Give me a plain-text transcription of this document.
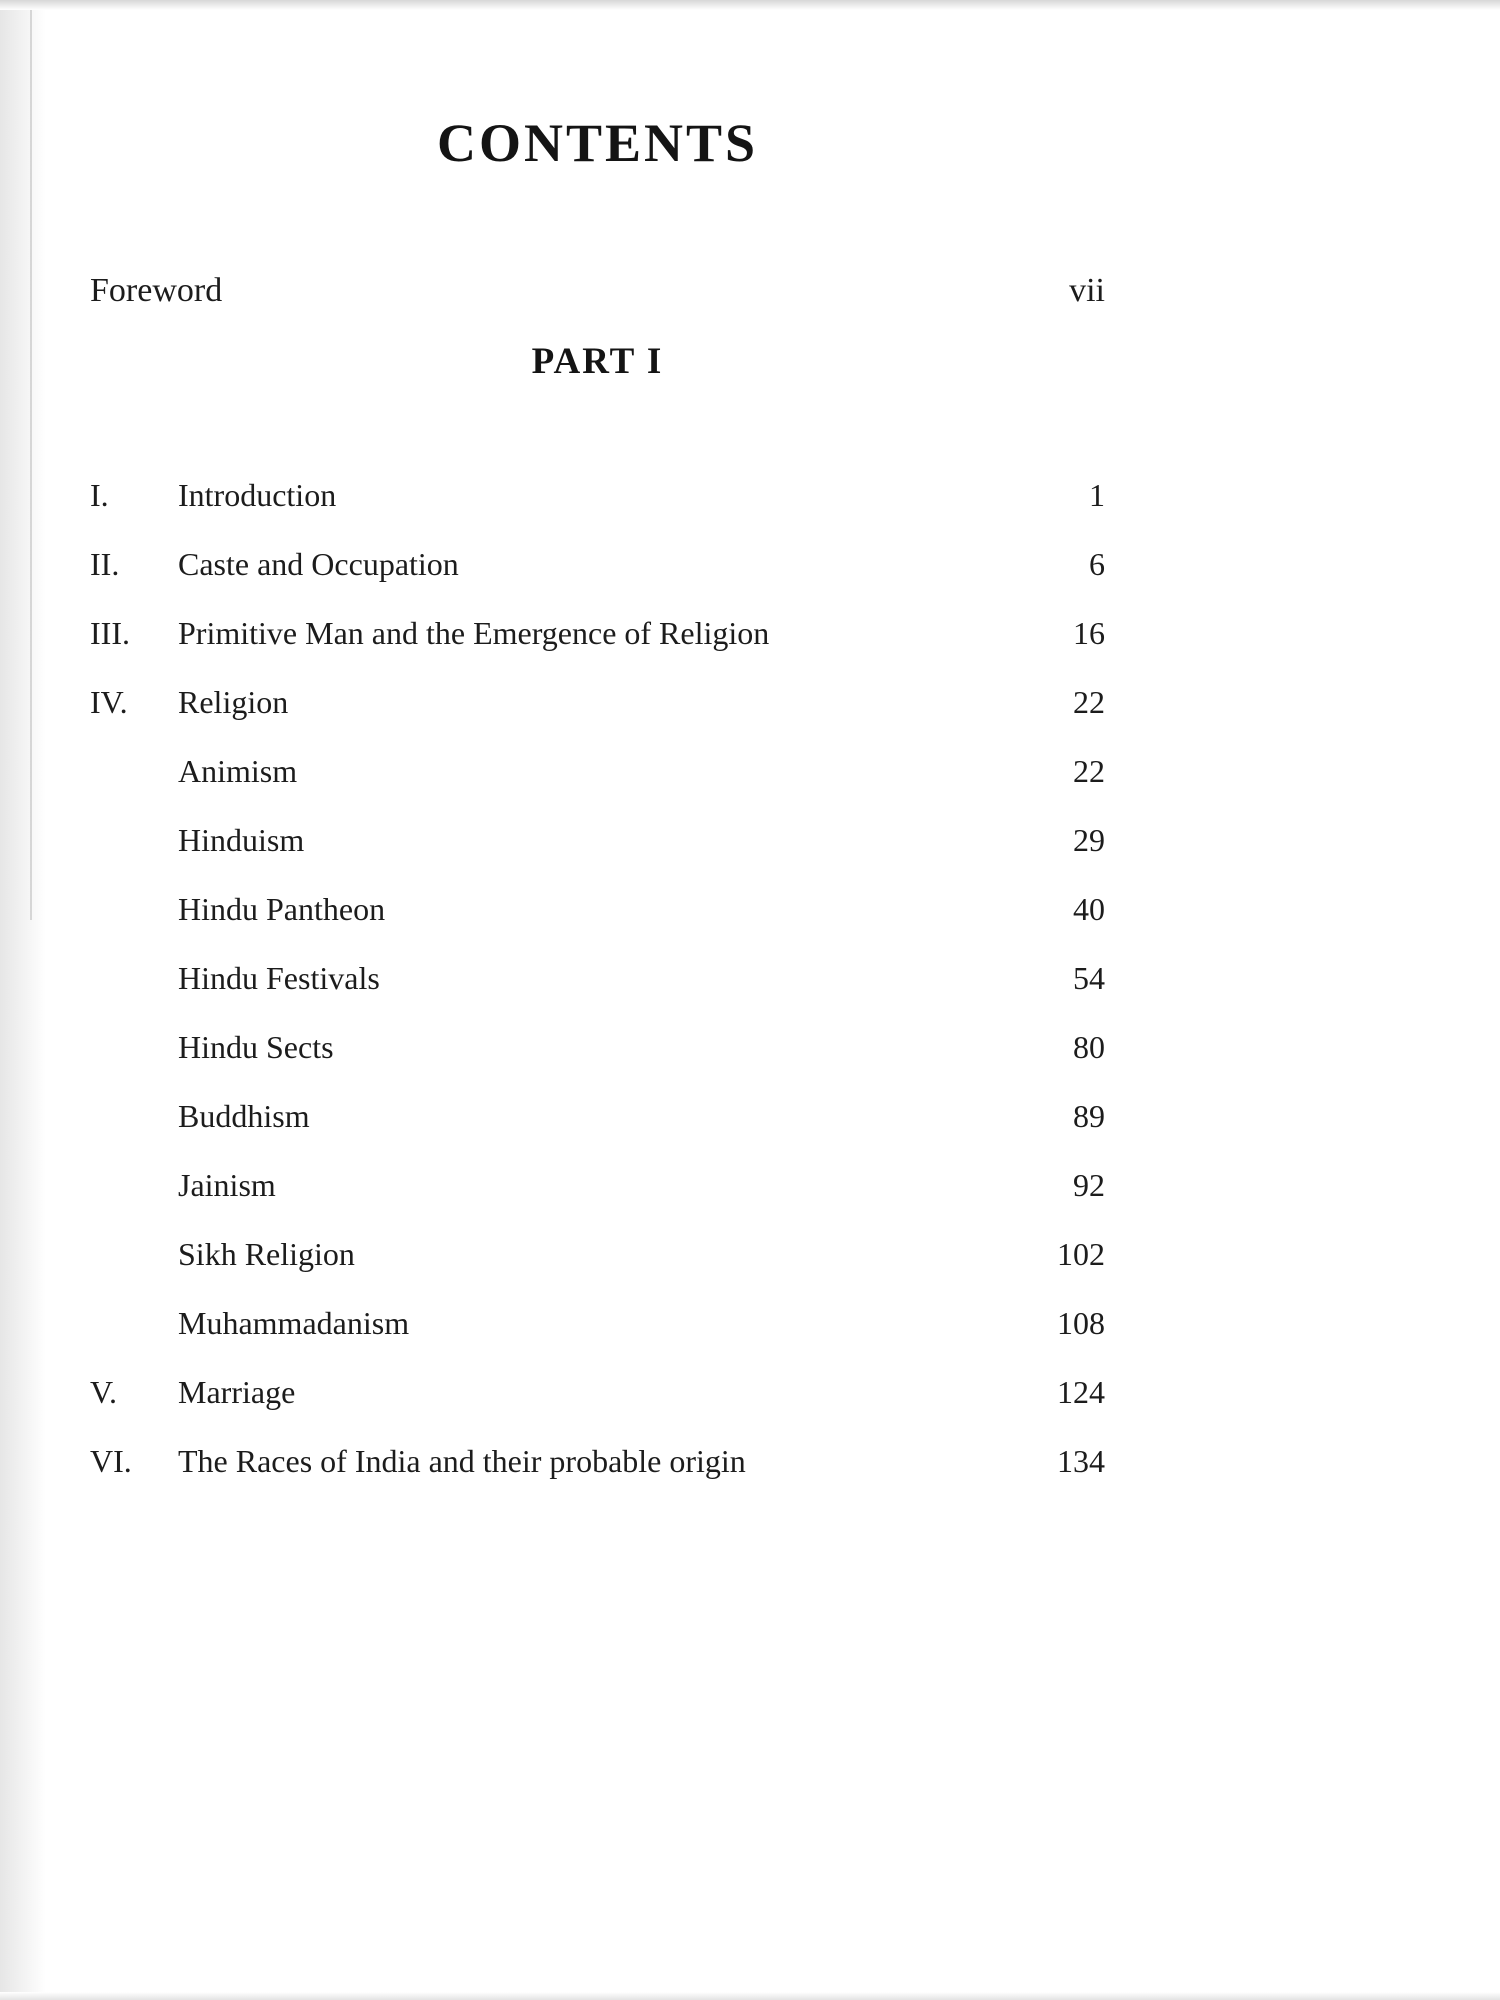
CONTENTS
Foreword	vii
PART I
I.	Introduction	1
II.	Caste and Occupation	6
III.	Primitive Man and the Emergence of Religion	16
IV.	Religion	22
Animism	22
Hinduism	29
Hindu Pantheon	40
Hindu Festivals	54
Hindu Sects	80
Buddhism	89
Jainism	92
Sikh Religion	102
Muhammadanism	108
V.	Marriage	124
VI.	The Races of India and their probable origin	134
